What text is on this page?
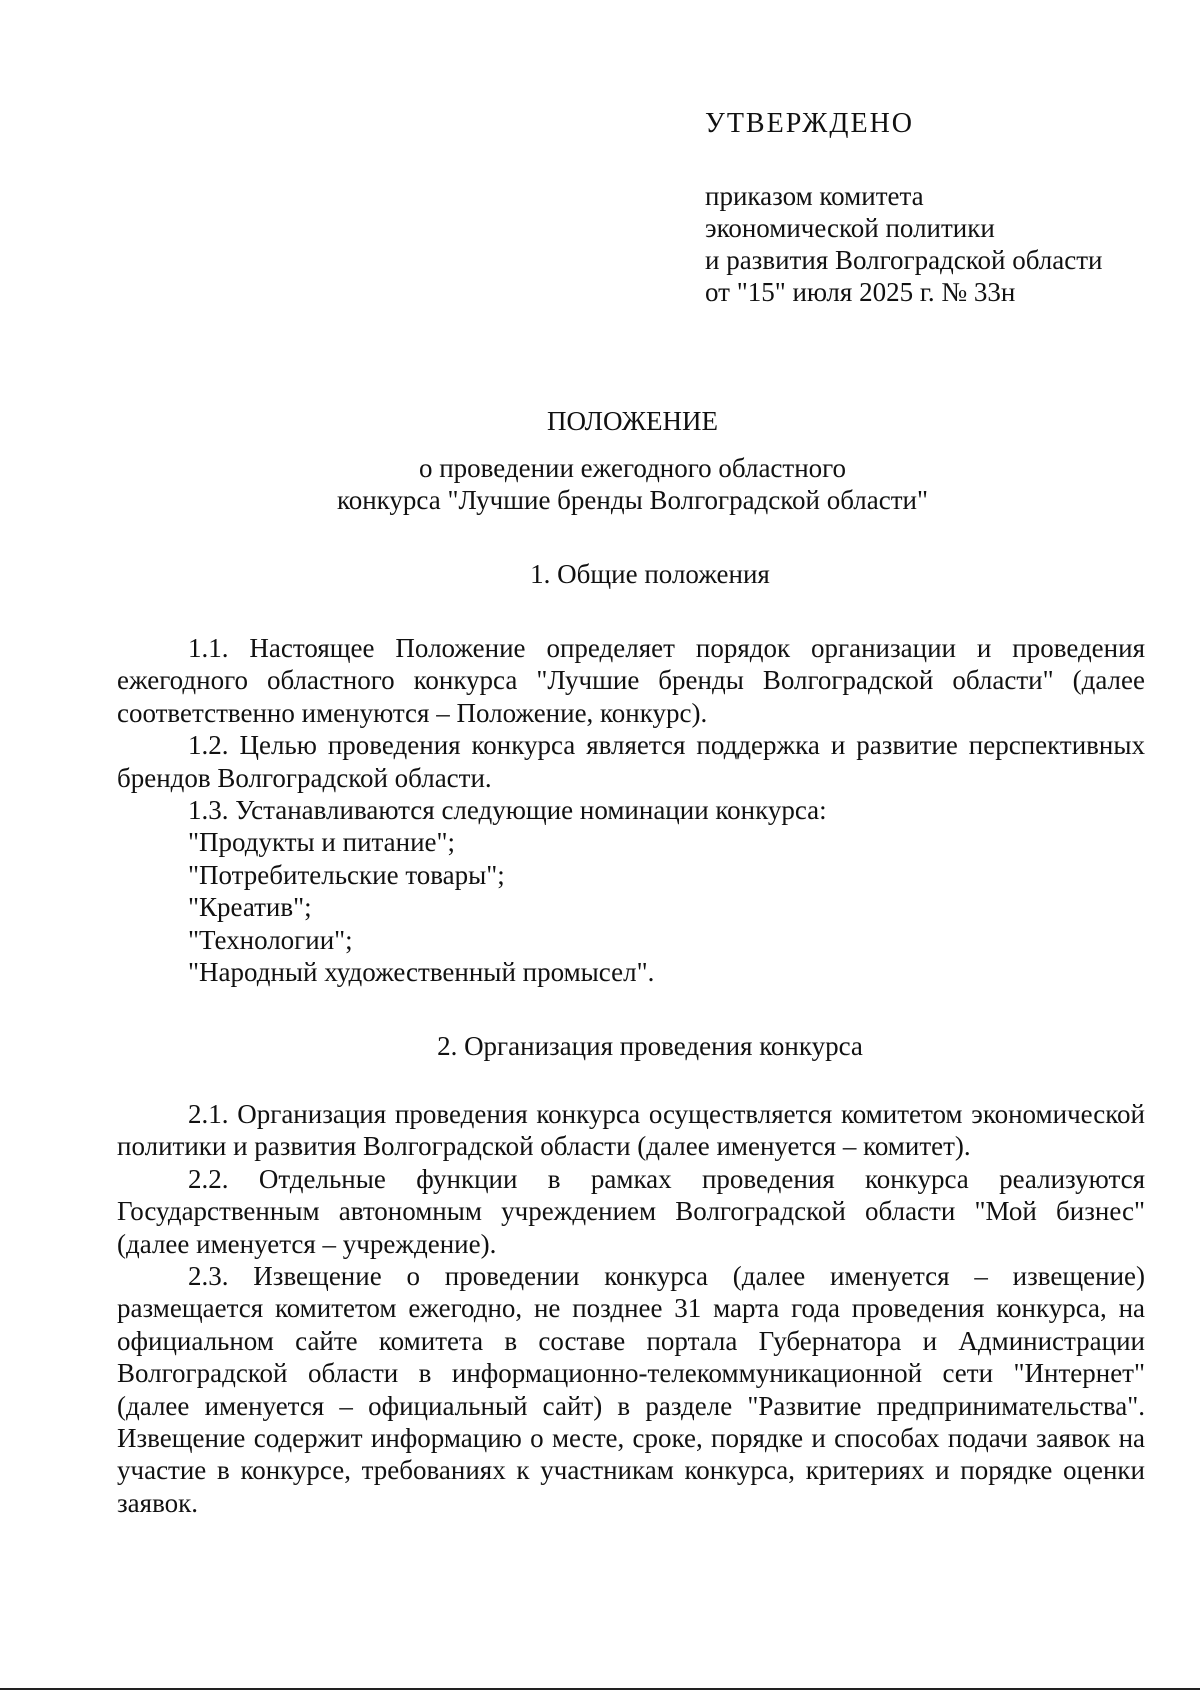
УТВЕРЖДЕНО
приказом комитета
экономической политики
и развития Волгоградской области
от "15" июля 2025 г. № 33н
ПОЛОЖЕНИЕ
о проведении ежегодного областного
конкурса "Лучшие бренды Волгоградской области"
1. Общие положения

1.1. Настоящее Положение определяет порядок организации и проведения ежегодного областного конкурса "Лучшие бренды Волгоградской области" (далее соответственно именуются – Положение, конкурс).

1.2. Целью проведения конкурса является поддержка и развитие перспективных брендов Волгоградской области.

1.3. Устанавливаются следующие номинации конкурса:

"Продукты и питание";
"Потребительские товары";
"Креатив";
"Технологии";
"Народный художественный промысел".
2. Организация проведения конкурса

2.1. Организация проведения конкурса осуществляется комитетом экономической политики и развития Волгоградской области (далее именуется – комитет).

2.2. Отдельные функции в рамках проведения конкурса реализуются Государственным автономным учреждением Волгоградской области "Мой бизнес" (далее именуется – учреждение).

2.3. Извещение о проведении конкурса (далее именуется – извещение) размещается комитетом ежегодно, не позднее 31 марта года проведения конкурса, на официальном сайте комитета в составе портала Губернатора и Администрации Волгоградской области в информационно-телекоммуникационной сети "Интернет" (далее именуется – официальный сайт) в разделе "Развитие предпринимательства". Извещение содержит информацию о месте, сроке, порядке и способах подачи заявок на участие в конкурсе, требованиях к участникам конкурса, критериях и порядке оценки заявок.
